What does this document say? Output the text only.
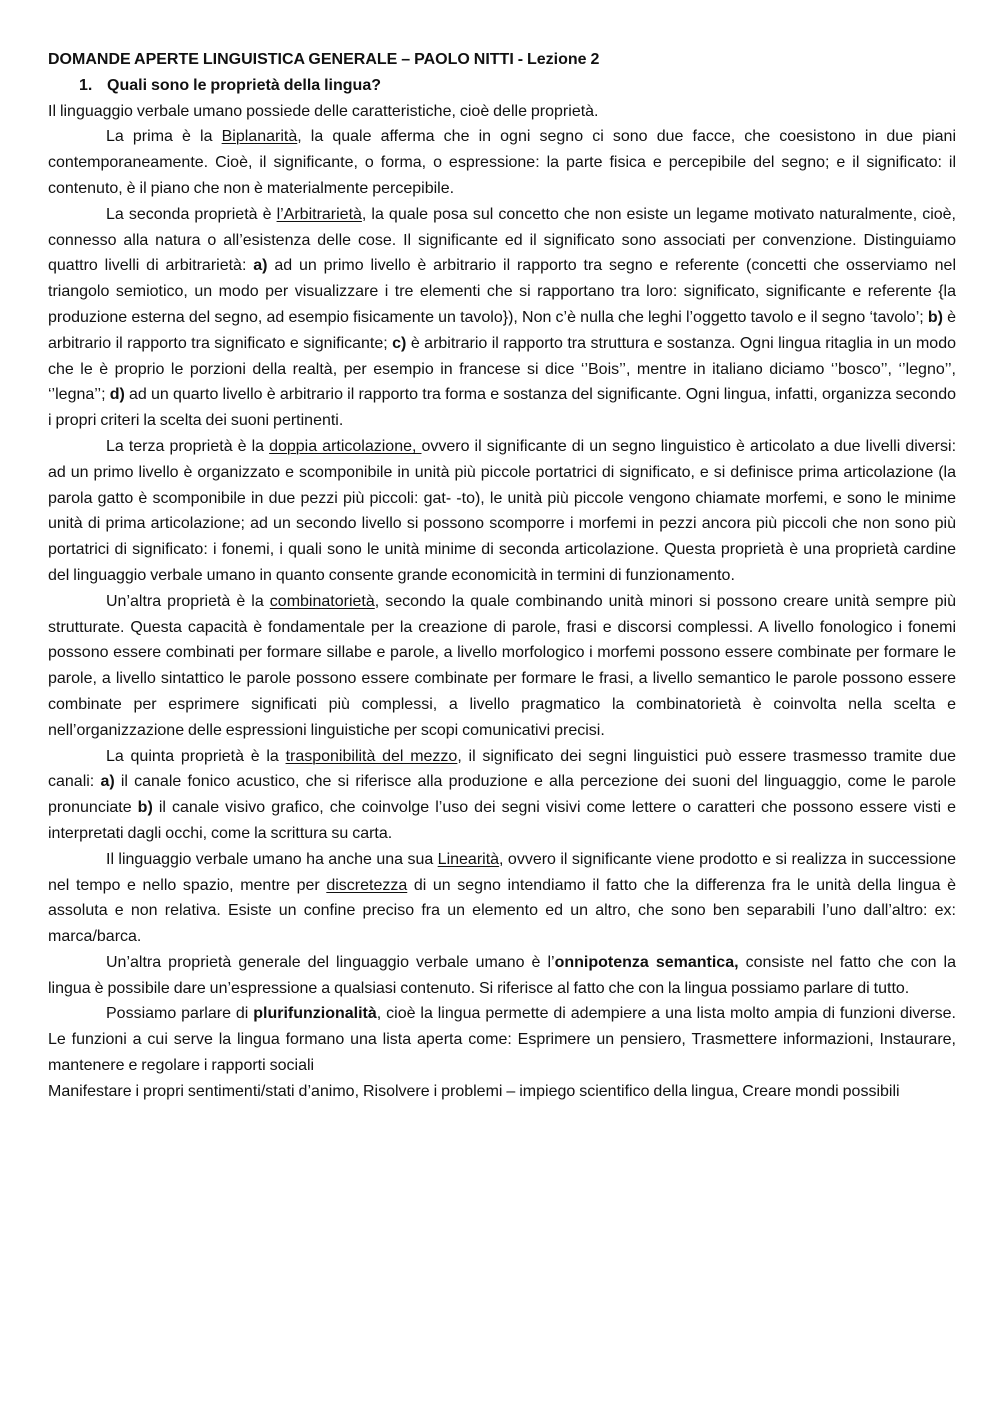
DOMANDE APERTE LINGUISTICA GENERALE – PAOLO NITTI - Lezione 2
1. Quali sono le proprietà della lingua?

Il linguaggio verbale umano possiede delle caratteristiche, cioè delle proprietà.

La prima è la Biplanarità, la quale afferma che in ogni segno ci sono due facce, che coesistono in due piani contemporaneamente. Cioè, il significante, o forma, o espressione: la parte fisica e percepibile del segno; e il significato: il contenuto, è il piano che non è materialmente percepibile.

La seconda proprietà è l’Arbitrarietà, la quale posa sul concetto che non esiste un legame motivato naturalmente, cioè, connesso alla natura o all’esistenza delle cose. Il significante ed il significato sono associati per convenzione. Distinguiamo quattro livelli di arbitrarietà: a) ad un primo livello è arbitrario il rapporto tra segno e referente (concetti che osserviamo nel triangolo semiotico, un modo per visualizzare i tre elementi che si rapportano tra loro: significato, significante e referente {la produzione esterna del segno, ad esempio fisicamente un tavolo}), Non c’è nulla che leghi l’oggetto tavolo e il segno ‘tavolo’; b) è arbitrario il rapporto tra significato e significante; c) è arbitrario il rapporto tra struttura e sostanza. Ogni lingua ritaglia in un modo che le è proprio le porzioni della realtà, per esempio in francese si dice ‘’Bois’’, mentre in italiano diciamo ‘’bosco’’, ‘’legno’’, ‘’legna’’; d) ad un quarto livello è arbitrario il rapporto tra forma e sostanza del significante. Ogni lingua, infatti, organizza secondo i propri criteri la scelta dei suoni pertinenti.

La terza proprietà è la doppia articolazione, ovvero il significante di un segno linguistico è articolato a due livelli diversi: ad un primo livello è organizzato e scomponibile in unità più piccole portatrici di significato, e si definisce prima articolazione (la parola gatto è scomponibile in due pezzi più piccoli: gat- -to), le unità più piccole vengono chiamate morfemi, e sono le minime unità di prima articolazione; ad un secondo livello si possono scomporre i morfemi in pezzi ancora più piccoli che non sono più portatrici di significato: i fonemi, i quali sono le unità minime di seconda articolazione. Questa proprietà è una proprietà cardine del linguaggio verbale umano in quanto consente grande economicità in termini di funzionamento.

Un’altra proprietà è la combinatorietà, secondo la quale combinando unità minori si possono creare unità sempre più strutturate. Questa capacità è fondamentale per la creazione di parole, frasi e discorsi complessi. A livello fonologico i fonemi possono essere combinati per formare sillabe e parole, a livello morfologico i morfemi possono essere combinate per formare le parole, a livello sintattico le parole possono essere combinate per formare le frasi, a livello semantico le parole possono essere combinate per esprimere significati più complessi, a livello pragmatico la combinatorietà è coinvolta nella scelta e nell’organizzazione delle espressioni linguistiche per scopi comunicativi precisi.

La quinta proprietà è la trasponibilità del mezzo, il significato dei segni linguistici può essere trasmesso tramite due canali: a) il canale fonico acustico, che si riferisce alla produzione e alla percezione dei suoni del linguaggio, come le parole pronunciate b) il canale visivo grafico, che coinvolge l’uso dei segni visivi come lettere o caratteri che possono essere visti e interpretati dagli occhi, come la scrittura su carta.

Il linguaggio verbale umano ha anche una sua Linearità, ovvero il significante viene prodotto e si realizza in successione nel tempo e nello spazio, mentre per discretezza di un segno intendiamo il fatto che la differenza fra le unità della lingua è assoluta e non relativa. Esiste un confine preciso fra un elemento ed un altro, che sono ben separabili l’uno dall’altro: ex: marca/barca.

Un’altra proprietà generale del linguaggio verbale umano è l’onnipotenza semantica, consiste nel fatto che con la lingua è possibile dare un’espressione a qualsiasi contenuto. Si riferisce al fatto che con la lingua possiamo parlare di tutto.

Possiamo parlare di plurifunzionalità, cioè la lingua permette di adempiere a una lista molto ampia di funzioni diverse. Le funzioni a cui serve la lingua formano una lista aperta come: Esprimere un pensiero, Trasmettere informazioni, Instaurare, mantenere e regolare i rapporti sociali

Manifestare i propri sentimenti/stati d’animo, Risolvere i problemi – impiego scientifico della lingua, Creare mondi possibili
